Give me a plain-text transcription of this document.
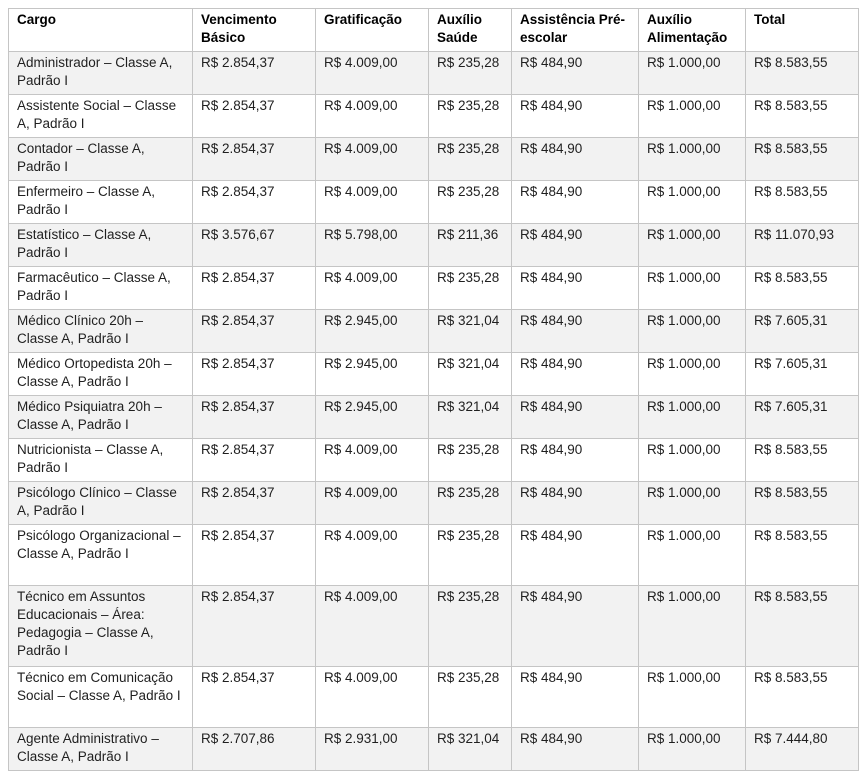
Cargo	Vencimento Básico	Gratificação	Auxílio Saúde	Assistência Pré-escolar	Auxílio Alimentação	Total
Administrador – Classe A, Padrão I	R$ 2.854,37	R$ 4.009,00	R$ 235,28	R$ 484,90	R$ 1.000,00	R$ 8.583,55
Assistente Social – Classe A, Padrão I	R$ 2.854,37	R$ 4.009,00	R$ 235,28	R$ 484,90	R$ 1.000,00	R$ 8.583,55
Contador – Classe A, Padrão I	R$ 2.854,37	R$ 4.009,00	R$ 235,28	R$ 484,90	R$ 1.000,00	R$ 8.583,55
Enfermeiro – Classe A, Padrão I	R$ 2.854,37	R$ 4.009,00	R$ 235,28	R$ 484,90	R$ 1.000,00	R$ 8.583,55
Estatístico – Classe A, Padrão I	R$ 3.576,67	R$ 5.798,00	R$ 211,36	R$ 484,90	R$ 1.000,00	R$ 11.070,93
Farmacêutico – Classe A, Padrão I	R$ 2.854,37	R$ 4.009,00	R$ 235,28	R$ 484,90	R$ 1.000,00	R$ 8.583,55
Médico Clínico 20h – Classe A, Padrão I	R$ 2.854,37	R$ 2.945,00	R$ 321,04	R$ 484,90	R$ 1.000,00	R$ 7.605,31
Médico Ortopedista 20h – Classe A, Padrão I	R$ 2.854,37	R$ 2.945,00	R$ 321,04	R$ 484,90	R$ 1.000,00	R$ 7.605,31
Médico Psiquiatra 20h – Classe A, Padrão I	R$ 2.854,37	R$ 2.945,00	R$ 321,04	R$ 484,90	R$ 1.000,00	R$ 7.605,31
Nutricionista – Classe A, Padrão I	R$ 2.854,37	R$ 4.009,00	R$ 235,28	R$ 484,90	R$ 1.000,00	R$ 8.583,55
Psicólogo Clínico – Classe A, Padrão I	R$ 2.854,37	R$ 4.009,00	R$ 235,28	R$ 484,90	R$ 1.000,00	R$ 8.583,55
Psicólogo Organizacional – Classe A, Padrão I	R$ 2.854,37	R$ 4.009,00	R$ 235,28	R$ 484,90	R$ 1.000,00	R$ 8.583,55
Técnico em Assuntos Educacionais – Área: Pedagogia – Classe A, Padrão I	R$ 2.854,37	R$ 4.009,00	R$ 235,28	R$ 484,90	R$ 1.000,00	R$ 8.583,55
Técnico em Comunicação Social – Classe A, Padrão I	R$ 2.854,37	R$ 4.009,00	R$ 235,28	R$ 484,90	R$ 1.000,00	R$ 8.583,55
Agente Administrativo – Classe A, Padrão I	R$ 2.707,86	R$ 2.931,00	R$ 321,04	R$ 484,90	R$ 1.000,00	R$ 7.444,80
